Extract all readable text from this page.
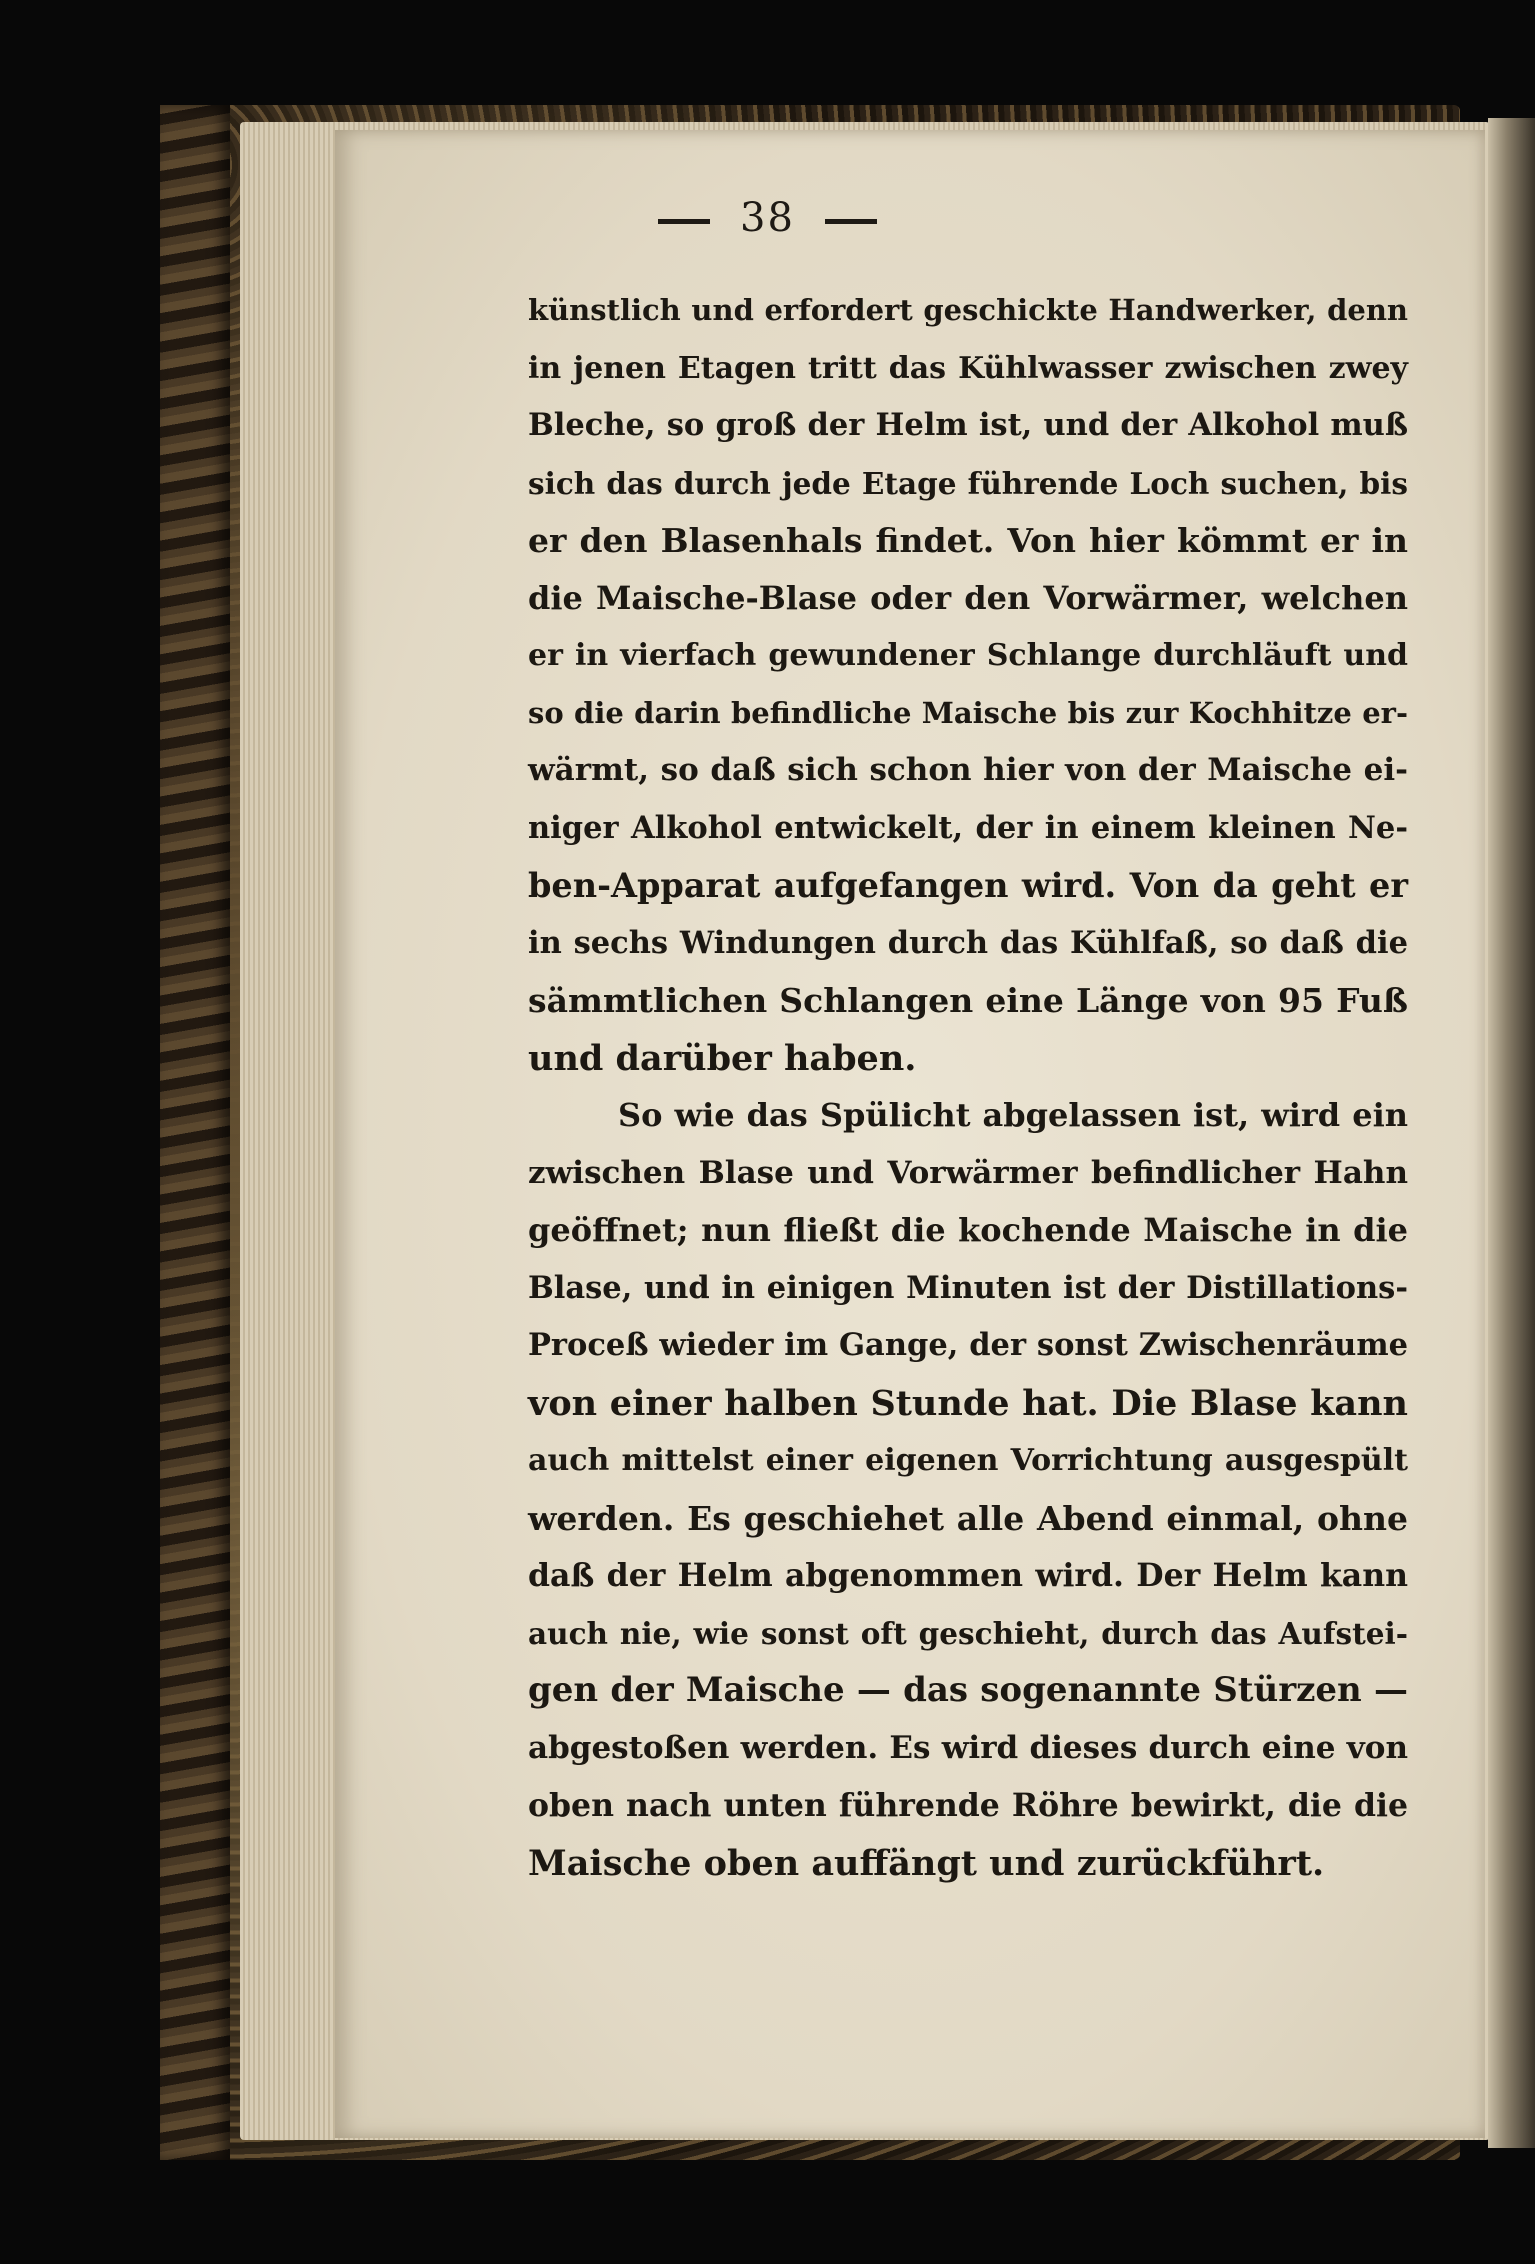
38
künstlich und erfordert geschickte Handwerker, denn
in jenen Etagen tritt das Kühlwasser zwischen zwey
Bleche, so groß der Helm ist, und der Alkohol muß
sich das durch jede Etage führende Loch suchen, bis
er den Blasenhals findet. Von hier kömmt er in
die Maische-Blase oder den Vorwärmer, welchen
er in vierfach gewundener Schlange durchläuft und
so die darin befindliche Maische bis zur Kochhitze er-
wärmt, so daß sich schon hier von der Maische ei-
niger Alkohol entwickelt, der in einem kleinen Ne-
ben-Apparat aufgefangen wird. Von da geht er
in sechs Windungen durch das Kühlfaß, so daß die
sämmtlichen Schlangen eine Länge von 95 Fuß
und darüber haben.
So wie das Spülicht abgelassen ist, wird ein
zwischen Blase und Vorwärmer befindlicher Hahn
geöffnet; nun fließt die kochende Maische in die
Blase, und in einigen Minuten ist der Distillations-
Proceß wieder im Gange, der sonst Zwischenräume
von einer halben Stunde hat. Die Blase kann
auch mittelst einer eigenen Vorrichtung ausgespült
werden. Es geschiehet alle Abend einmal, ohne
daß der Helm abgenommen wird. Der Helm kann
auch nie, wie sonst oft geschieht, durch das Aufstei-
gen der Maische — das sogenannte Stürzen —
abgestoßen werden. Es wird dieses durch eine von
oben nach unten führende Röhre bewirkt, die die
Maische oben auffängt und zurückführt.
